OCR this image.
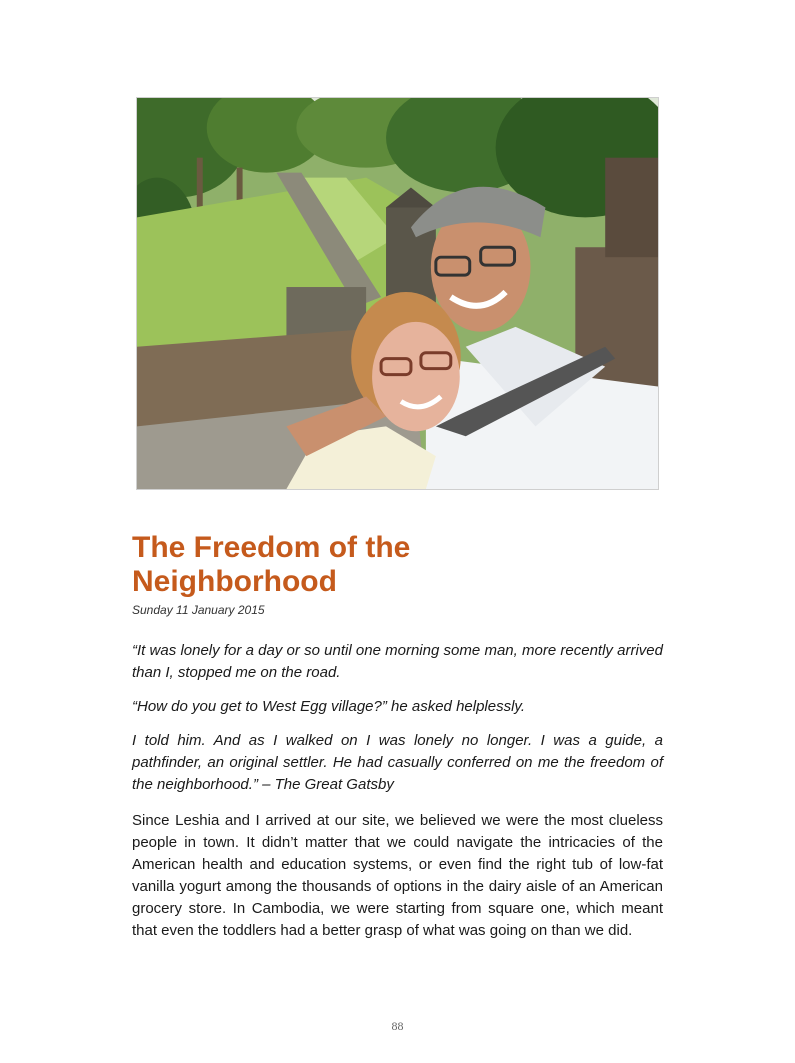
The Freedom of the
Neighborhood
Sunday 11 January 2015

“It was lonely for a day or so until one morning some man, more recently arrived than I, stopped me on the road.

“How do you get to West Egg village?” he asked helplessly.

I told him. And as I walked on I was lonely no longer. I was a guide, a pathfinder, an original settler. He had casually conferred on me the freedom of the neighborhood.” – The Great Gatsby

Since Leshia and I arrived at our site, we believed we were the most clueless people in town. It didn’t matter that we could navigate the intricacies of the American health and education systems, or even find the right tub of low-fat vanilla yogurt among the thousands of options in the dairy aisle of an American grocery store. In Cambodia, we were starting from square one, which meant that even the toddlers had a better grasp of what was going on than we did.

88
